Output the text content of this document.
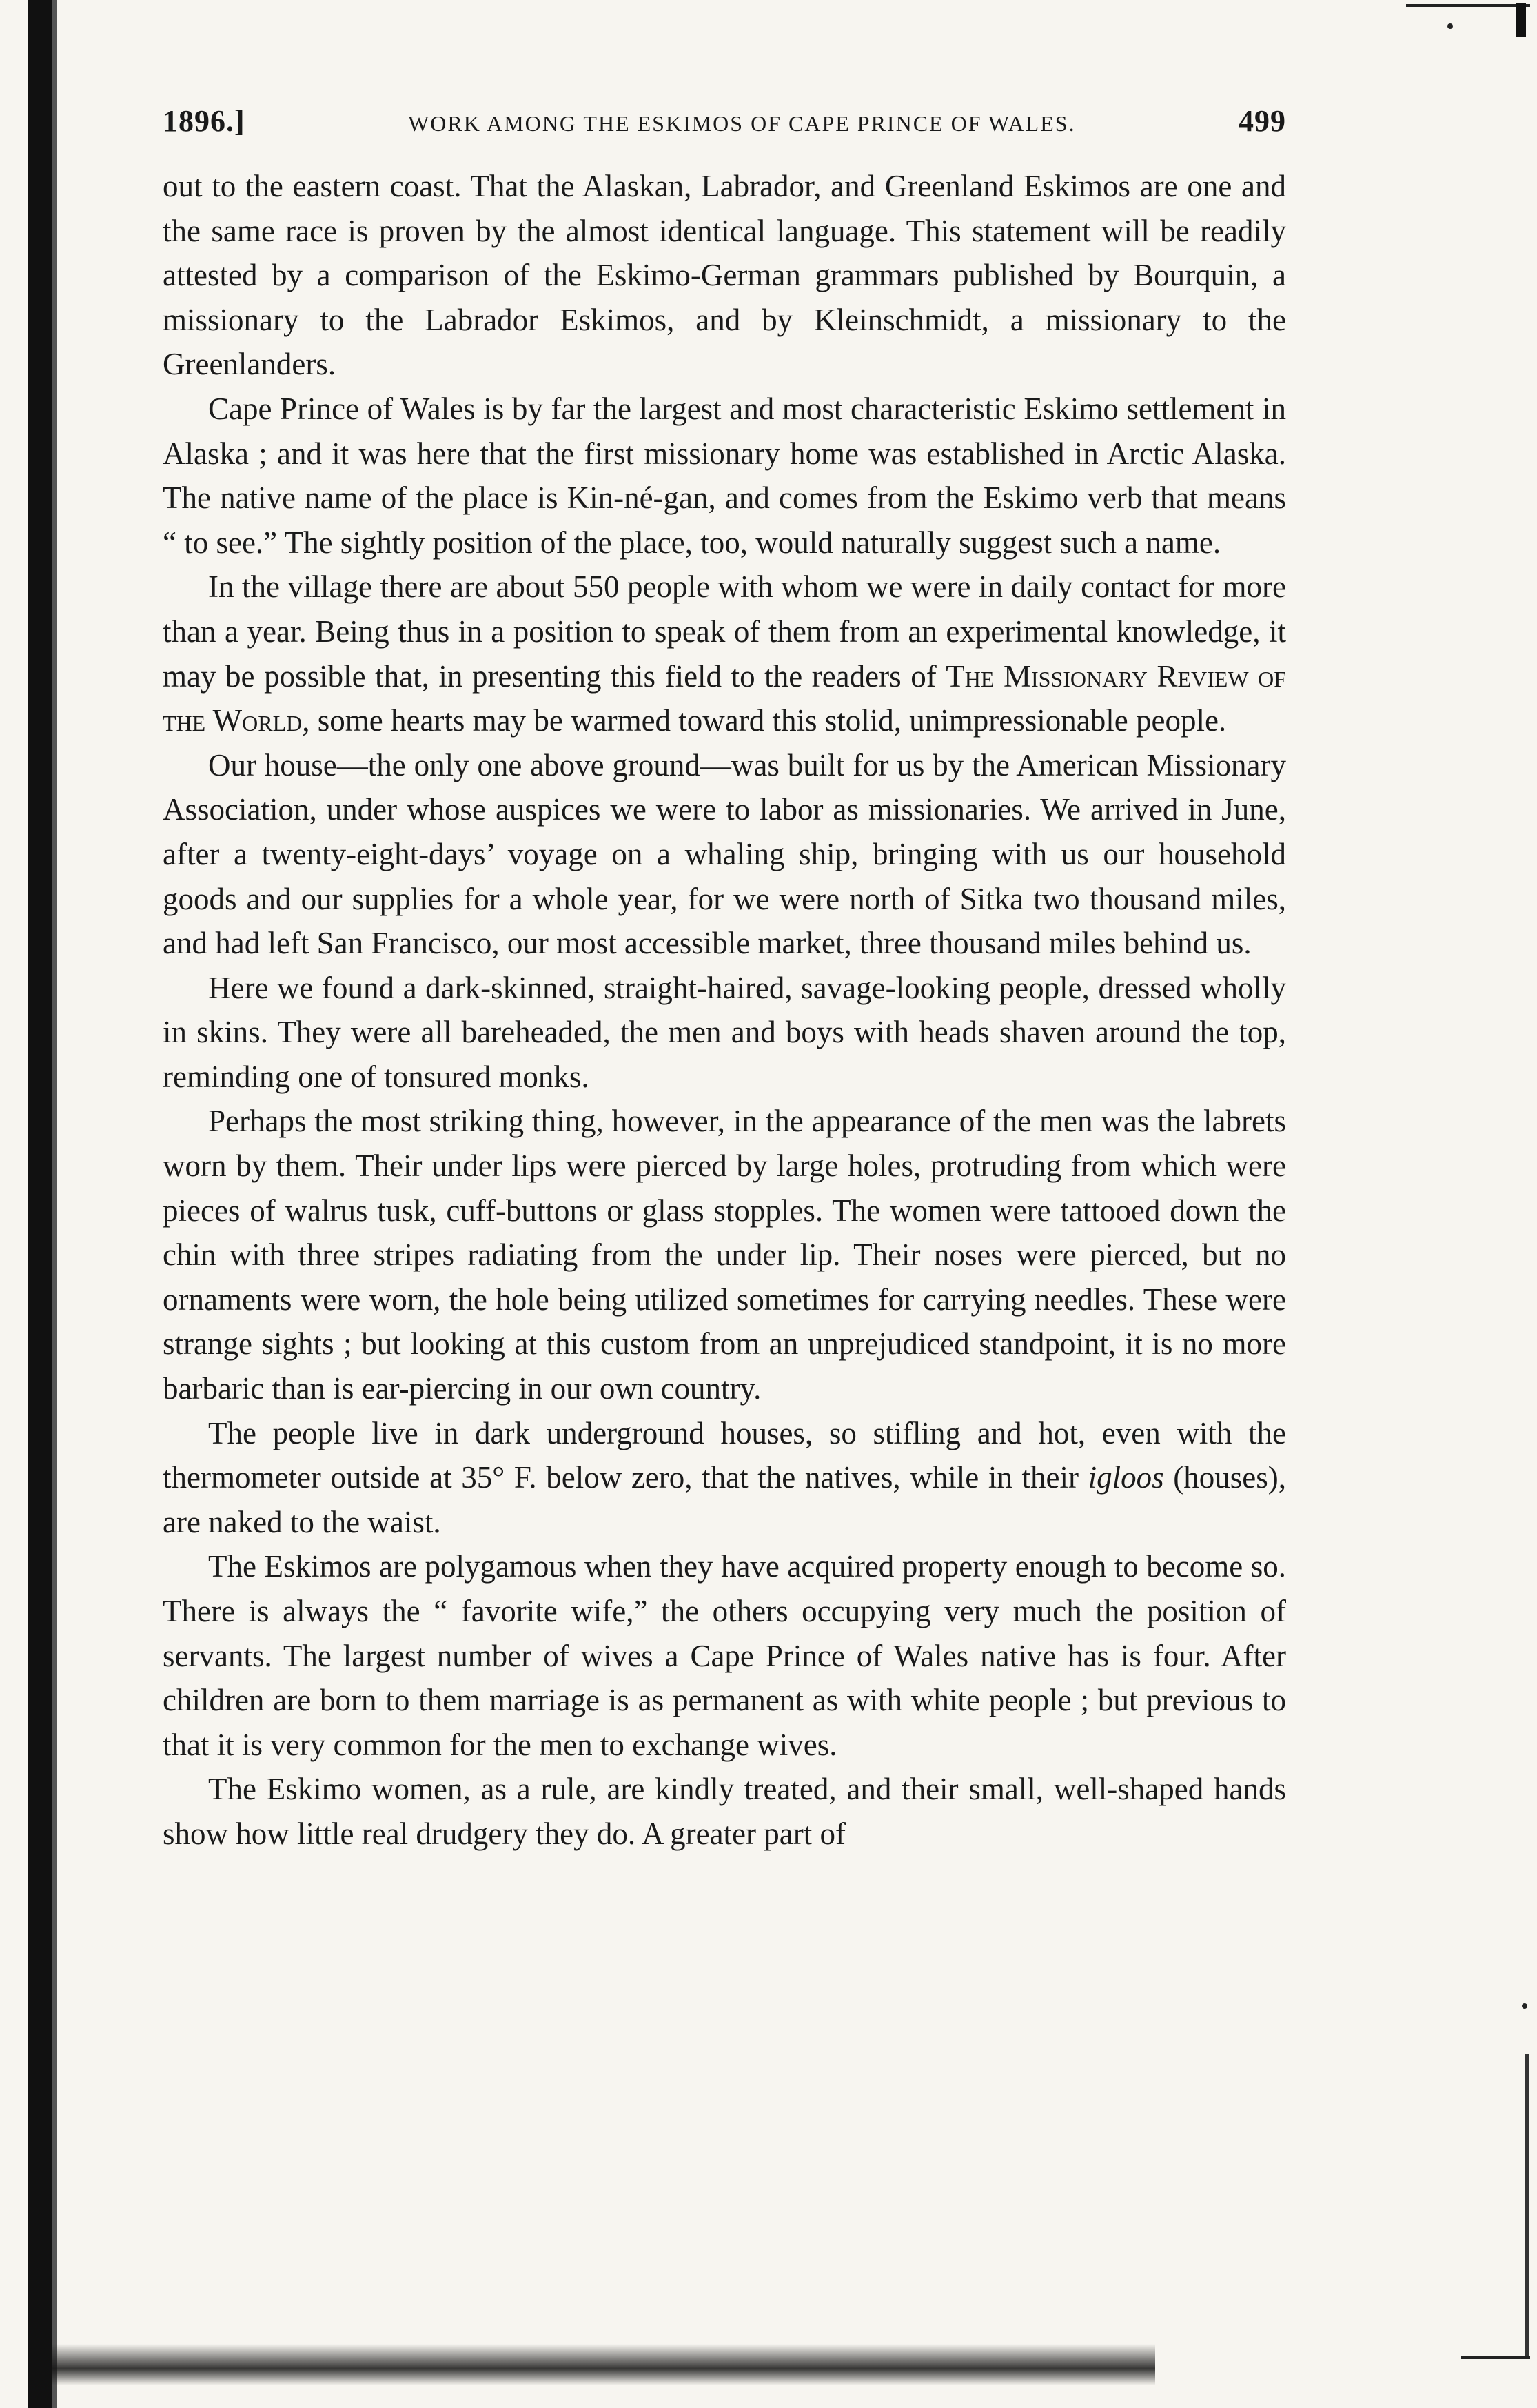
1896.]	WORK AMONG THE ESKIMOS OF CAPE PRINCE OF WALES.	499

out to the eastern coast. That the Alaskan, Labrador, and Greenland Eskimos are one and the same race is proven by the almost identical language. This statement will be readily attested by a comparison of the Eskimo-German grammars published by Bourquin, a missionary to the Labrador Eskimos, and by Kleinschmidt, a missionary to the Greenlanders.

Cape Prince of Wales is by far the largest and most characteristic Eskimo settlement in Alaska ; and it was here that the first missionary home was established in Arctic Alaska. The native name of the place is Kin-né-gan, and comes from the Eskimo verb that means “ to see.” The sightly position of the place, too, would naturally suggest such a name.

In the village there are about 550 people with whom we were in daily contact for more than a year. Being thus in a position to speak of them from an experimental knowledge, it may be possible that, in presenting this field to the readers of The Missionary Review of the World, some hearts may be warmed toward this stolid, unimpressionable people.

Our house—the only one above ground—was built for us by the American Missionary Association, under whose auspices we were to labor as missionaries. We arrived in June, after a twenty-eight-days’ voyage on a whaling ship, bringing with us our household goods and our supplies for a whole year, for we were north of Sitka two thousand miles, and had left San Francisco, our most accessible market, three thousand miles behind us.

Here we found a dark-skinned, straight-haired, savage-looking people, dressed wholly in skins. They were all bareheaded, the men and boys with heads shaven around the top, reminding one of tonsured monks.

Perhaps the most striking thing, however, in the appearance of the men was the labrets worn by them. Their under lips were pierced by large holes, protruding from which were pieces of walrus tusk, cuff-buttons or glass stopples. The women were tattooed down the chin with three stripes radiating from the under lip. Their noses were pierced, but no ornaments were worn, the hole being utilized sometimes for carrying needles. These were strange sights ; but looking at this custom from an unprejudiced standpoint, it is no more barbaric than is ear-piercing in our own country.

The people live in dark underground houses, so stifling and hot, even with the thermometer outside at 35° F. below zero, that the natives, while in their igloos (houses), are naked to the waist.

The Eskimos are polygamous when they have acquired property enough to become so. There is always the “ favorite wife,” the others occupying very much the position of servants. The largest number of wives a Cape Prince of Wales native has is four. After children are born to them marriage is as permanent as with white people ; but previous to that it is very common for the men to exchange wives.

The Eskimo women, as a rule, are kindly treated, and their small, well-shaped hands show how little real drudgery they do. A greater part of
